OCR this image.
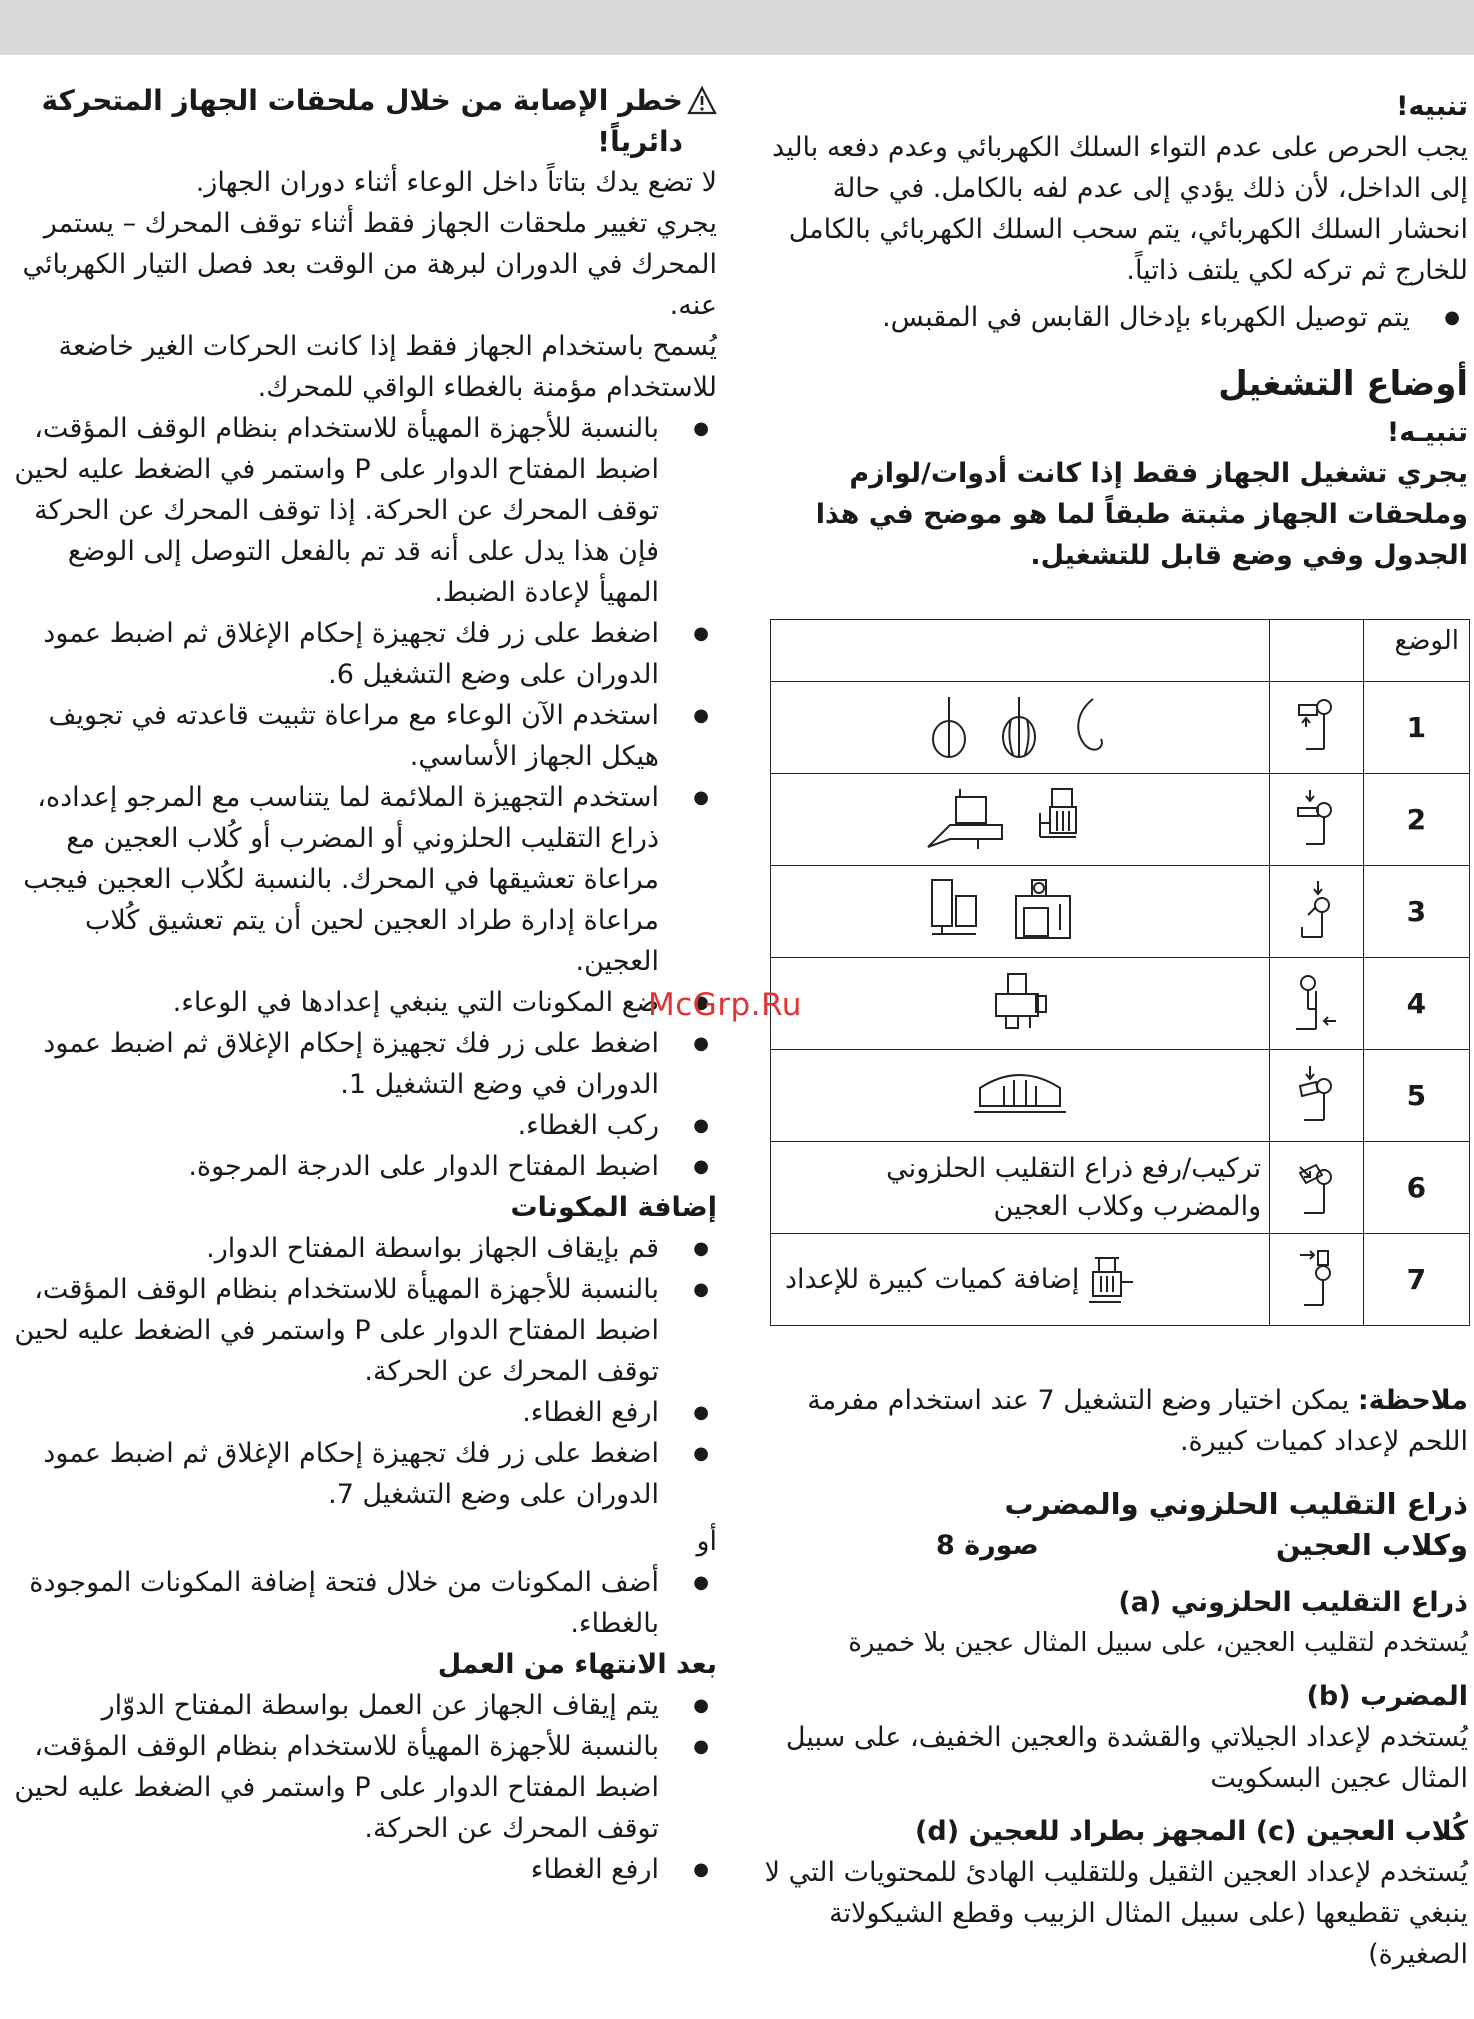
تنبيه!

يجب الحرص على عدم التواء السلك الكهربائي وعدم دفعه باليد إلى الداخل، لأن ذلك يؤدي إلى عدم لفه بالكامل. في حالة انحشار السلك الكهربائي، يتم سحب السلك الكهربائي بالكامل للخارج ثم تركه لكي يلتف ذاتياً.

● يتم توصيل الكهرباء بإدخال القابس في المقبس.

أوضاع التشغيل

تنبيـه!

يجري تشغيل الجهاز فقط إذا كانت أدوات/لوازم وملحقات الجهاز مثبتة طبقاً لما هو موضح في هذا الجدول وفي وضع قابل للتشغيل.

الوضع		
1		
2		
3		
4		
5		
6		تركيب/رفع ذراع التقليب الحلزوني
والمضرب وكلاب العجين

7		إضافة كميات كبيرة للإعداد

ملاحظة: يمكن اختيار وضع التشغيل 7 عند استخدام مفرمة اللحم لإعداد كميات كبيرة.

ذراع التقليب الحلزوني والمضرب

وكلاب العجين
صورة 8

ذراع التقليب الحلزوني (a)

يُستخدم لتقليب العجين، على سبيل المثال عجين بلا خميرة

المضرب (b)

يُستخدم لإعداد الجيلاتي والقشدة والعجين الخفيف، على سبيل المثال عجين البسكويت

كُلاب العجين (c) المجهز بطراد للعجين (d)

يُستخدم لإعداد العجين الثقيل وللتقليب الهادئ للمحتويات التي لا ينبغي تقطيعها (على سبيل المثال الزبيب وقطع الشيكولاتة الصغيرة)

خطر الإصابة من خلال ملحقات الجهاز المتحركة دائرياً!

لا تضع يدك بتاتاً داخل الوعاء أثناء دوران الجهاز.

يجري تغيير ملحقات الجهاز فقط أثناء توقف المحرك – يستمر المحرك في الدوران لبرهة من الوقت بعد فصل التيار الكهربائي عنه.

يُسمح باستخدام الجهاز فقط إذا كانت الحركات الغير خاضعة للاستخدام مؤمنة بالغطاء الواقي للمحرك.

● بالنسبة للأجهزة المهيأة للاستخدام بنظام الوقف المؤقت، اضبط المفتاح الدوار على P واستمر في الضغط عليه لحين توقف المحرك عن الحركة. إذا توقف المحرك عن الحركة فإن هذا يدل على أنه قد تم بالفعل التوصل إلى الوضع المهيأ لإعادة الضبط.

● اضغط على زر فك تجهيزة إحكام الإغلاق ثم اضبط عمود الدوران على وضع التشغيل 6.

● استخدم الآن الوعاء مع مراعاة تثبيت قاعدته في تجويف هيكل الجهاز الأساسي.

● استخدم التجهيزة الملائمة لما يتناسب مع المرجو إعداده، ذراع التقليب الحلزوني أو المضرب أو كُلاب العجين مع مراعاة تعشيقها في المحرك. بالنسبة لكُلاب العجين فيجب مراعاة إدارة طراد العجين لحين أن يتم تعشيق كُلاب العجين.

● ضع المكونات التي ينبغي إعدادها في الوعاء.

● اضغط على زر فك تجهيزة إحكام الإغلاق ثم اضبط عمود الدوران في وضع التشغيل 1.

● ركب الغطاء.

● اضبط المفتاح الدوار على الدرجة المرجوة.

إضافة المكونات

● قم بإيقاف الجهاز بواسطة المفتاح الدوار.

● بالنسبة للأجهزة المهيأة للاستخدام بنظام الوقف المؤقت، اضبط المفتاح الدوار على P واستمر في الضغط عليه لحين توقف المحرك عن الحركة.

● ارفع الغطاء.

● اضغط على زر فك تجهيزة إحكام الإغلاق ثم اضبط عمود الدوران على وضع التشغيل 7.

أو

● أضف المكونات من خلال فتحة إضافة المكونات الموجودة بالغطاء.

بعد الانتهاء من العمل

● يتم إيقاف الجهاز عن العمل بواسطة المفتاح الدوّار

● بالنسبة للأجهزة المهيأة للاستخدام بنظام الوقف المؤقت، اضبط المفتاح الدوار على P واستمر في الضغط عليه لحين توقف المحرك عن الحركة.

● ارفع الغطاء

McGrp.Ru
